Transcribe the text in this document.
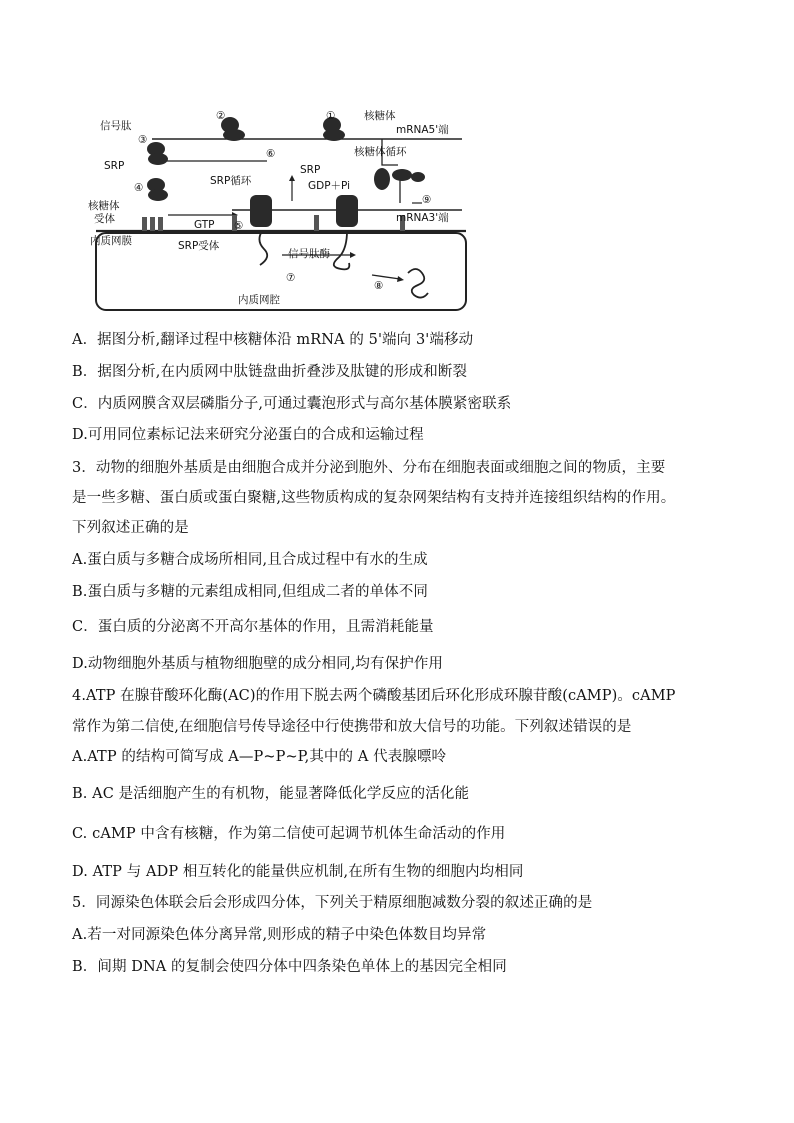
信号肽
SRP
核糖体
受体
内质网膜	SRP受体
GTP
SRP循环
SRP
GDP＋Pi
核糖体
mRNA5'端
核糖体循环
mRNA3'端
信号肽酶
内质网腔
①
②
③
④
⑤
⑥
⑦
⑧
⑨
A．据图分析,翻译过程中核糖体沿 mRNA 的 5'端向 3'端移动
B．据图分析,在内质网中肽链盘曲折叠涉及肽键的形成和断裂
C．内质网膜含双层磷脂分子,可通过囊泡形式与高尔基体膜紧密联系
D.可用同位素标记法来研究分泌蛋白的合成和运输过程
3．动物的细胞外基质是由细胞合成并分泌到胞外、分布在细胞表面或细胞之间的物质，主要
是一些多糖、蛋白质或蛋白聚糖,这些物质构成的复杂网架结构有支持并连接组织结构的作用。
下列叙述正确的是
A.蛋白质与多糖合成场所相同,且合成过程中有水的生成
B.蛋白质与多糖的元素组成相同,但组成二者的单体不同
C．蛋白质的分泌离不开高尔基体的作用，且需消耗能量
D.动物细胞外基质与植物细胞壁的成分相同,均有保护作用
4.ATP 在腺苷酸环化酶(AC)的作用下脱去两个磷酸基团后环化形成环腺苷酸(cAMP)。cAMP
常作为第二信使,在细胞信号传导途径中行使携带和放大信号的功能。下列叙述错误的是
A.ATP 的结构可简写成 A—P~P~P,其中的 A 代表腺嘌呤
B. AC 是活细胞产生的有机物，能显著降低化学反应的活化能
C. cAMP 中含有核糖，作为第二信使可起调节机体生命活动的作用
D. ATP 与 ADP 相互转化的能量供应机制,在所有生物的细胞内均相同
5．同源染色体联会后会形成四分体，下列关于精原细胞减数分裂的叙述正确的是
A.若一对同源染色体分离异常,则形成的精子中染色体数目均异常
B．间期 DNA 的复制会使四分体中四条染色单体上的基因完全相同
